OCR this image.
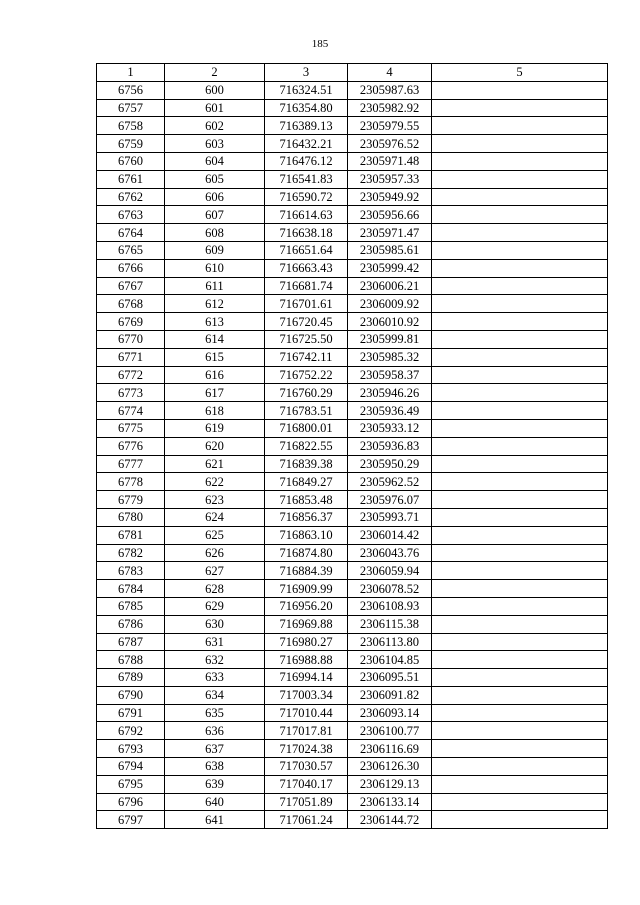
185
1	2	3	4	5
6756	600	716324.51	2305987.63	
6757	601	716354.80	2305982.92	
6758	602	716389.13	2305979.55	
6759	603	716432.21	2305976.52	
6760	604	716476.12	2305971.48	
6761	605	716541.83	2305957.33	
6762	606	716590.72	2305949.92	
6763	607	716614.63	2305956.66	
6764	608	716638.18	2305971.47	
6765	609	716651.64	2305985.61	
6766	610	716663.43	2305999.42	
6767	611	716681.74	2306006.21	
6768	612	716701.61	2306009.92	
6769	613	716720.45	2306010.92	
6770	614	716725.50	2305999.81	
6771	615	716742.11	2305985.32	
6772	616	716752.22	2305958.37	
6773	617	716760.29	2305946.26	
6774	618	716783.51	2305936.49	
6775	619	716800.01	2305933.12	
6776	620	716822.55	2305936.83	
6777	621	716839.38	2305950.29	
6778	622	716849.27	2305962.52	
6779	623	716853.48	2305976.07	
6780	624	716856.37	2305993.71	
6781	625	716863.10	2306014.42	
6782	626	716874.80	2306043.76	
6783	627	716884.39	2306059.94	
6784	628	716909.99	2306078.52	
6785	629	716956.20	2306108.93	
6786	630	716969.88	2306115.38	
6787	631	716980.27	2306113.80	
6788	632	716988.88	2306104.85	
6789	633	716994.14	2306095.51	
6790	634	717003.34	2306091.82	
6791	635	717010.44	2306093.14	
6792	636	717017.81	2306100.77	
6793	637	717024.38	2306116.69	
6794	638	717030.57	2306126.30	
6795	639	717040.17	2306129.13	
6796	640	717051.89	2306133.14	
6797	641	717061.24	2306144.72	
